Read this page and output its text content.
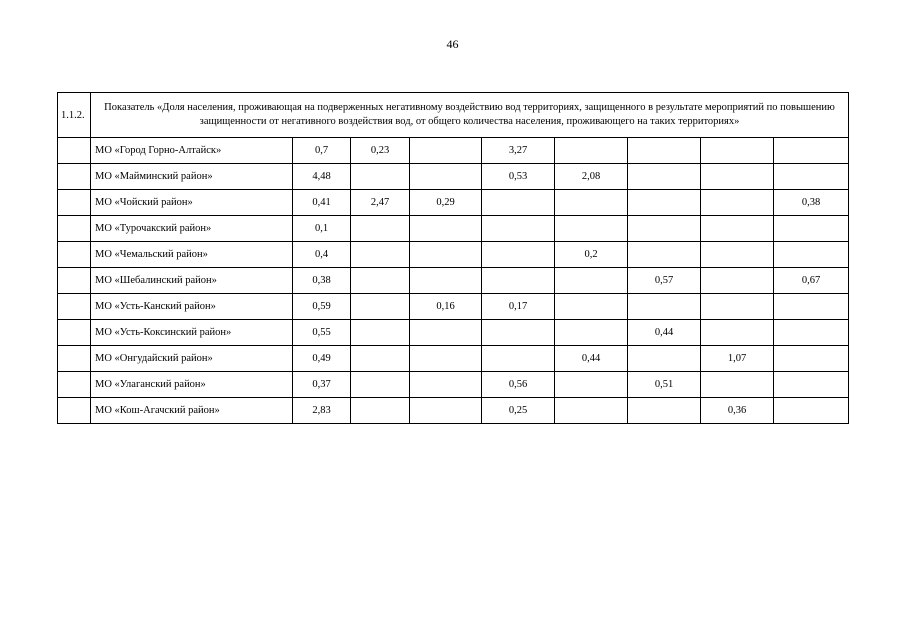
46
1.1.2.	Показатель «Доля населения, проживающая на подверженных негативному воздействию вод территориях, защищенного в результате мероприятий по повышению защищенности от негативного воздействия вод, от общего количества населения, проживающего на таких территориях»								
	МО «Город Горно-Алтайск»	0,7	0,23		3,27				
	МО «Майминский район»	4,48			0,53	2,08			
	МО «Чойский район»	0,41	2,47	0,29					0,38
	МО «Турочакский район»	0,1							
	МО «Чемальский район»	0,4				0,2			
	МО «Шебалинский район»	0,38					0,57		0,67
	МО «Усть-Канский район»	0,59		0,16	0,17				
	МО «Усть-Коксинский район»	0,55					0,44		
	МО «Онгудайский район»	0,49				0,44		1,07	
	МО «Улаганский район»	0,37			0,56		0,51		
	МО «Кош-Агачский район»	2,83			0,25			0,36	
